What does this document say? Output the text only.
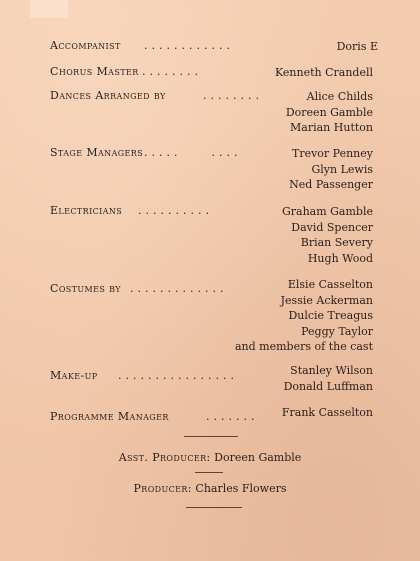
Accompanist ............	Doris E
Chorus Master ........	Kenneth Crandell
Dances Arranged by	........	Alice Childs
Doreen Gamble
Marian Hutton
Stage Managers .....    ....	Trevor Penney
Glyn Lewis
Ned Passenger
Electricians ..........	Graham Gamble
David Spencer
Brian Severy
Hugh Wood
Costumes by .............	Elsie Casselton
Jessie Ackerman
Dulcie Treagus
Peggy Taylor
and members of the cast
Make-up ................	Stanley Wilson
Donald Luffman
Programme Manager	....... Frank Casselton
Asst. Producer: Doreen Gamble
Producer: Charles Flowers
